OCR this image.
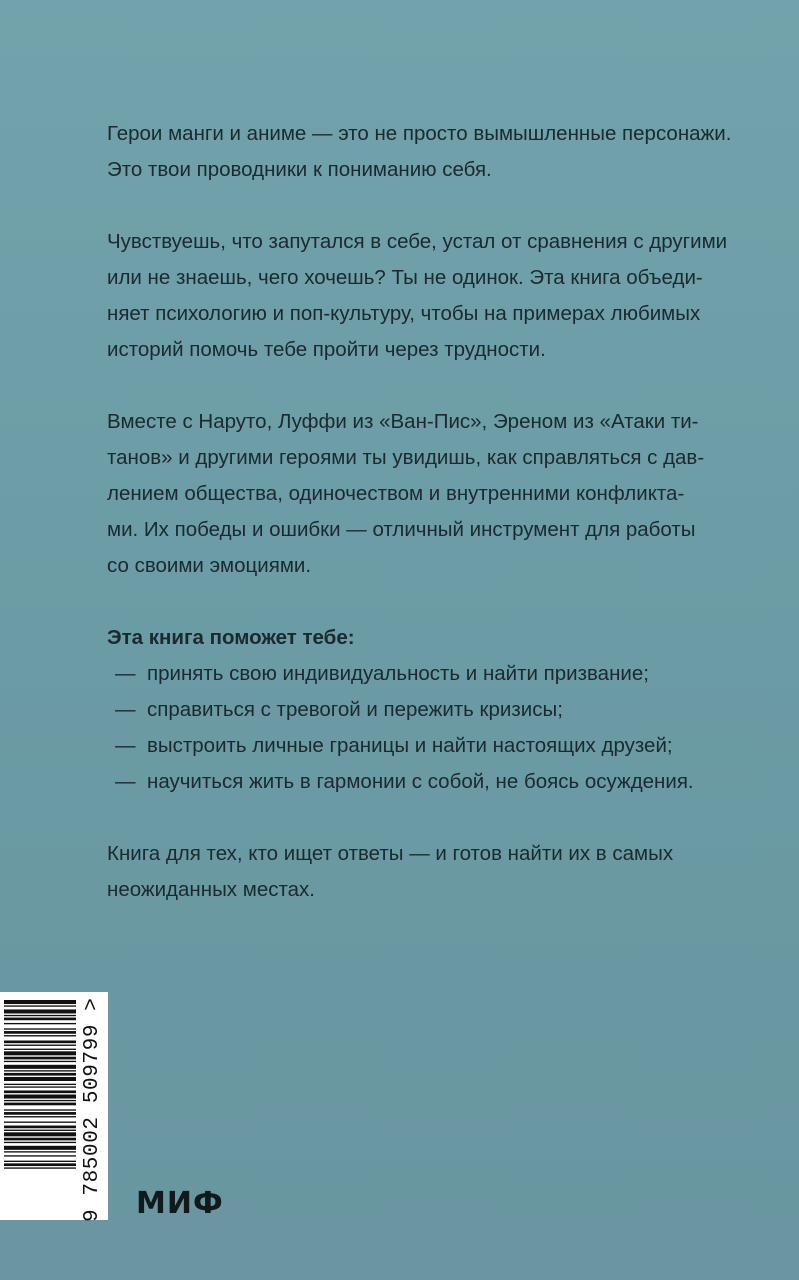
Герои манги и аниме — это не просто вымышленные персонажи.
Это твои проводники к пониманию себя.

Чувствуешь, что запутался в себе, устал от сравнения с другими
или не знаешь, чего хочешь? Ты не одинок. Эта книга объеди-
няет психологию и поп-культуру, чтобы на примерах любимых
историй помочь тебе пройти через трудности.

Вместе с Наруто, Луффи из «Ван-Пис», Эреном из «Атаки ти-
танов» и другими героями ты увидишь, как справляться с дав-
лением общества, одиночеством и внутренними конфликта-
ми. Их победы и ошибки — отличный инструмент для работы
со своими эмоциями.

Эта книга поможет тебе:

— принять свою индивидуальность и найти призвание;
— справиться с тревогой и пережить кризисы;
— выстроить личные границы и найти настоящих друзей;
— научиться жить в гармонии с собой, не боясь осуждения.

Книга для тех, кто ищет ответы — и готов найти их в самых
неожиданных местах.

9 785002 509799 > МИФ
